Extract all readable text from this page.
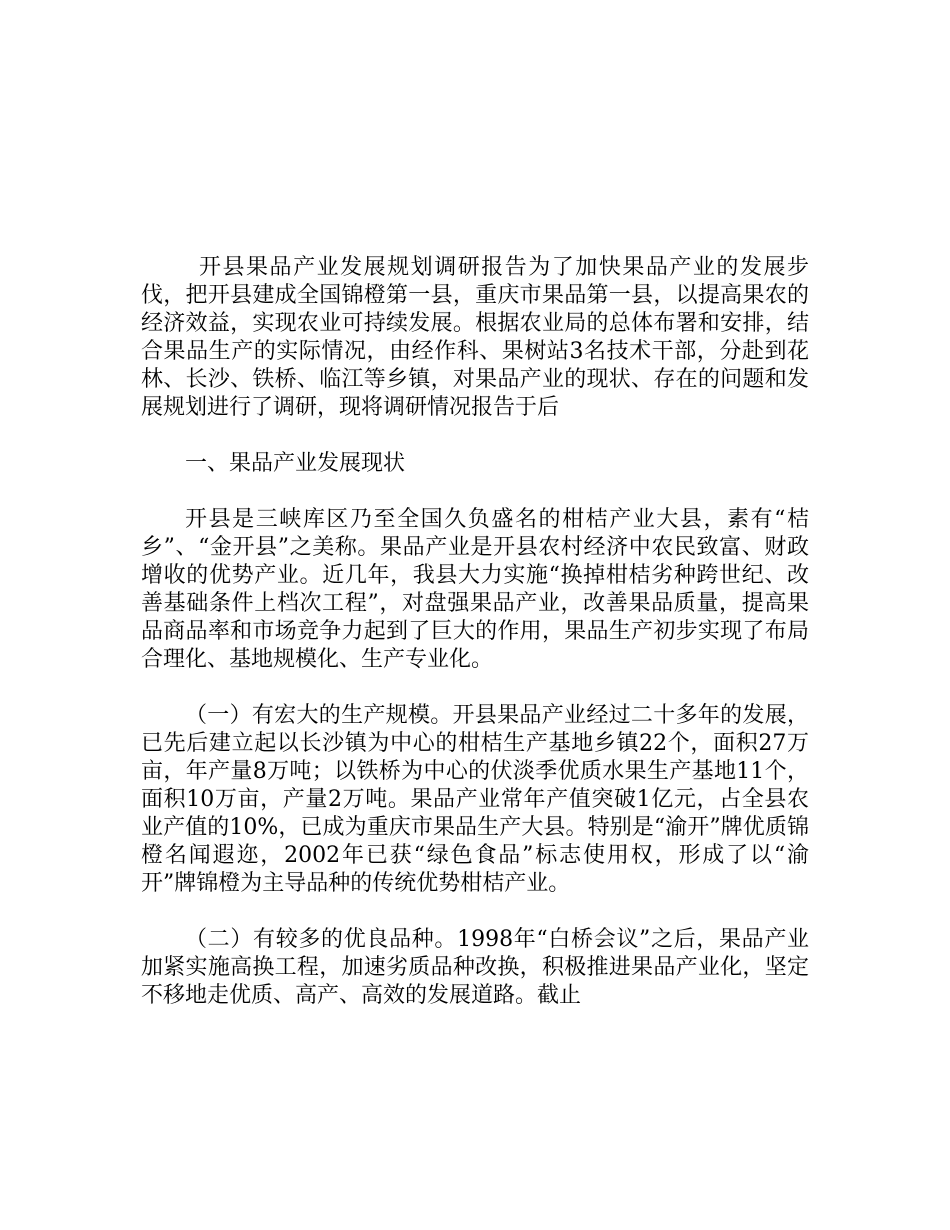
开县果品产业发展规划调研报告为了加快果品产业的发展步伐，把开县建成全国锦橙第一县，重庆市果品第一县，以提高果农的经济效益，实现农业可持续发展。根据农业局的总体布署和安排，结合果品生产的实际情况，由经作科、果树站3名技术干部，分赴到花林、长沙、铁桥、临江等乡镇，对果品产业的现状、存在的问题和发展规划进行了调研，现将调研情况报告于后

一、果品产业发展现状

开县是三峡库区乃至全国久负盛名的柑桔产业大县，素有“桔乡”、“金开县”之美称。果品产业是开县农村经济中农民致富、财政增收的优势产业。近几年，我县大力实施“换掉柑桔劣种跨世纪、改善基础条件上档次工程”，对盘强果品产业，改善果品质量，提高果品商品率和市场竞争力起到了巨大的作用，果品生产初步实现了布局合理化、基地规模化、生产专业化。

（一）有宏大的生产规模。开县果品产业经过二十多年的发展，已先后建立起以长沙镇为中心的柑桔生产基地乡镇22个，面积27万亩，年产量8万吨；以铁桥为中心的伏淡季优质水果生产基地11个，面积10万亩，产量2万吨。果品产业常年产值突破1亿元，占全县农业产值的10%，已成为重庆市果品生产大县。特别是“渝开”牌优质锦橙名闻遐迩，2002年已获“绿色食品”标志使用权，形成了以“渝开”牌锦橙为主导品种的传统优势柑桔产业。

（二）有较多的优良品种。1998年“白桥会议”之后，果品产业加紧实施高换工程，加速劣质品种改换，积极推进果品产业化，坚定不移地走优质、高产、高效的发展道路。截止
